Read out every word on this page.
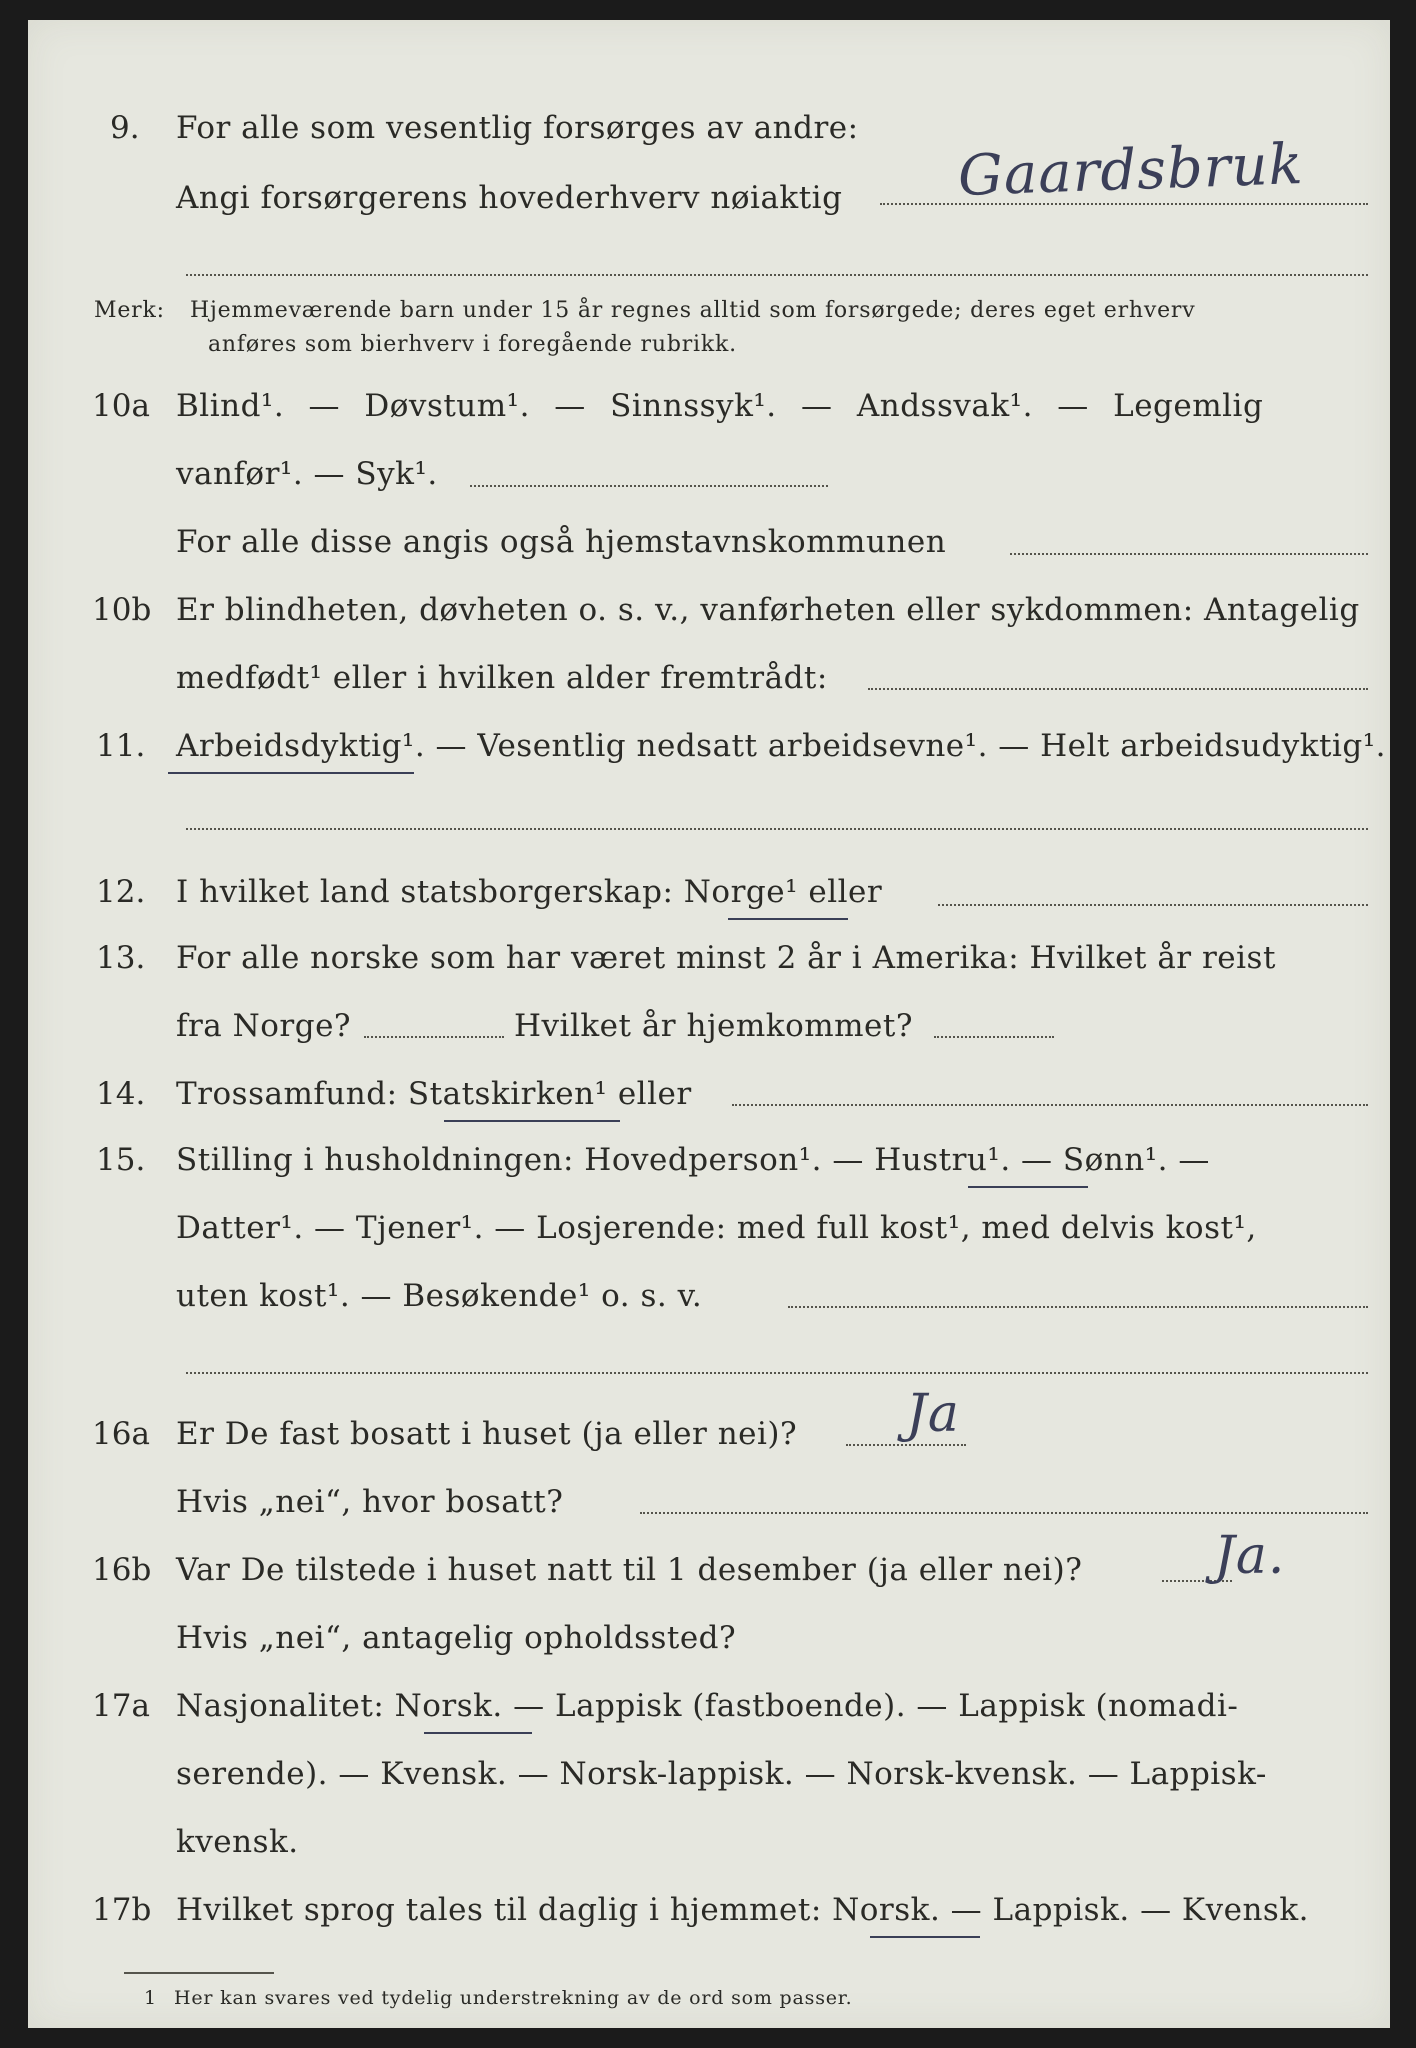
9. For alle som vesentlig forsørges av andre:
Angi forsørgerens hovederhverv nøiaktig Gaardsbruk
Merk: Hjemmeværende barn under 15 år regnes alltid som forsørgede; deres eget erhverv
anføres som bierhverv i foregående rubrikk.
10a Blind¹. — Døvstum¹. — Sinnssyk¹. — Andssvak¹. — Legemlig
vanfør¹. — Syk¹.
For alle disse angis også hjemstavnskommunen
10b Er blindheten, døvheten o. s. v., vanførheten eller sykdommen: Antagelig
medfødt¹ eller i hvilken alder fremtrådt:
11. Arbeidsdyktig¹. — Vesentlig nedsatt arbeidsevne¹. — Helt arbeidsudyktig¹.
12. I hvilket land statsborgerskap: Norge¹ eller
13. For alle norske som har været minst 2 år i Amerika: Hvilket år reist
fra Norge?	Hvilket år hjemkommet?
14. Trossamfund: Statskirken¹ eller
15. Stilling i husholdningen: Hovedperson¹. — Hustru¹. — Sønn¹. —
Datter¹. — Tjener¹. — Losjerende: med full kost¹, med delvis kost¹,
uten kost¹. — Besøkende¹ o. s. v.
16a Er De fast bosatt i huset (ja eller nei)? Ja
Hvis „nei“, hvor bosatt?
16b Var De tilstede i huset natt til 1 desember (ja eller nei)?	Ja.
Hvis „nei“, antagelig opholdssted?
17a Nasjonalitet: Norsk. — Lappisk (fastboende). — Lappisk (nomadi-
serende). — Kvensk. — Norsk-lappisk. — Norsk-kvensk. — Lappisk-
kvensk.
17b Hvilket sprog tales til daglig i hjemmet: Norsk. — Lappisk. — Kvensk.
1 Her kan svares ved tydelig understrekning av de ord som passer.
